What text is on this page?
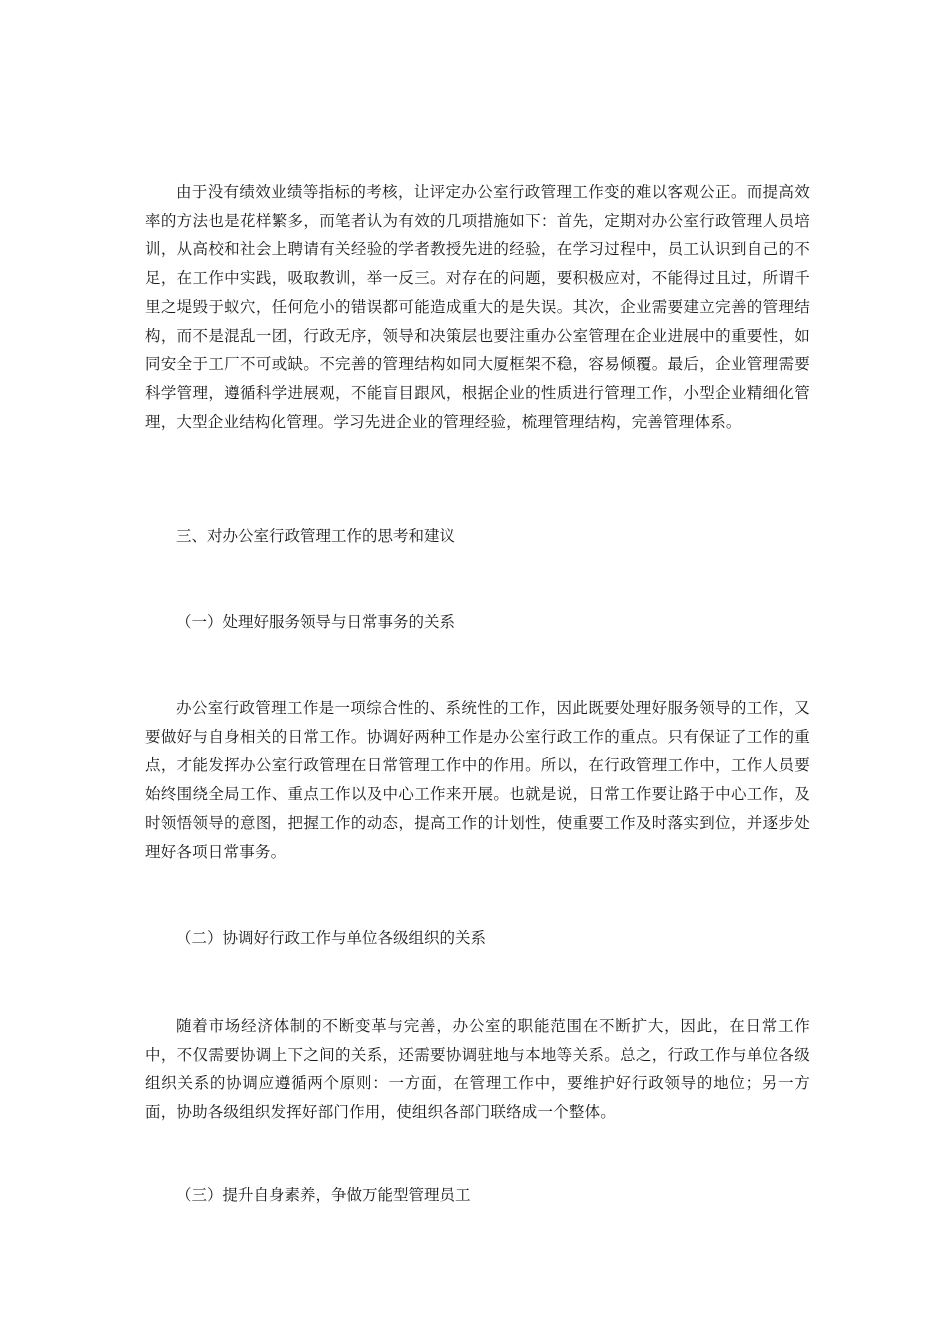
由于没有绩效业绩等指标的考核，让评定办公室行政管理工作变的难以客观公正。而提高效率的方法也是花样繁多，而笔者认为有效的几项措施如下：首先，定期对办公室行政管理人员培训，从高校和社会上聘请有关经验的学者教授先进的经验，在学习过程中，员工认识到自己的不足，在工作中实践，吸取教训，举一反三。对存在的问题，要积极应对，不能得过且过，所谓千里之堤毁于蚁穴，任何危小的错误都可能造成重大的是失误。其次，企业需要建立完善的管理结构，而不是混乱一团，行政无序，领导和决策层也要注重办公室管理在企业进展中的重要性，如同安全于工厂不可或缺。不完善的管理结构如同大厦框架不稳，容易倾覆。最后，企业管理需要科学管理，遵循科学进展观，不能盲目跟风，根据企业的性质进行管理工作，小型企业精细化管理，大型企业结构化管理。学习先进企业的管理经验，梳理管理结构，完善管理体系。

三、对办公室行政管理工作的思考和建议

（一）处理好服务领导与日常事务的关系

办公室行政管理工作是一项综合性的、系统性的工作，因此既要处理好服务领导的工作，又要做好与自身相关的日常工作。协调好两种工作是办公室行政工作的重点。只有保证了工作的重点，才能发挥办公室行政管理在日常管理工作中的作用。所以，在行政管理工作中，工作人员要始终围绕全局工作、重点工作以及中心工作来开展。也就是说，日常工作要让路于中心工作，及时领悟领导的意图，把握工作的动态，提高工作的计划性，使重要工作及时落实到位，并逐步处理好各项日常事务。

（二）协调好行政工作与单位各级组织的关系

随着市场经济体制的不断变革与完善，办公室的职能范围在不断扩大，因此，在日常工作中，不仅需要协调上下之间的关系，还需要协调驻地与本地等关系。总之，行政工作与单位各级组织关系的协调应遵循两个原则：一方面，在管理工作中，要维护好行政领导的地位；另一方面，协助各级组织发挥好部门作用，使组织各部门联络成一个整体。

（三）提升自身素养，争做万能型管理员工
